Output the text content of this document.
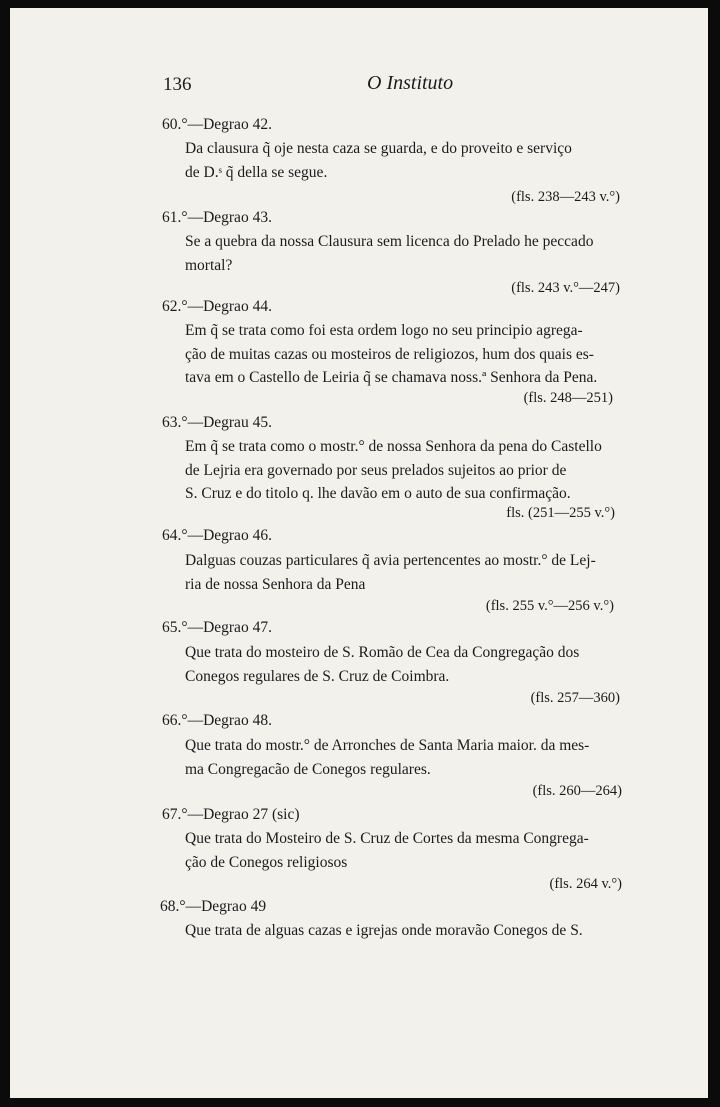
136	O Instituto
60.°—Degrao 42.
Da clausura q̃ oje nesta caza se guarda, e do proveito e serviço
de D.ˢ q̃ della se segue.
(fls. 238—243 v.°)
61.°—Degrao 43.
Se a quebra da nossa Clausura sem licenca do Prelado he peccado
mortal?
(fls. 243 v.°—247)
62.°—Degrao 44.
Em q̃ se trata como foi esta ordem logo no seu principio agrega-
ção de muitas cazas ou mosteiros de religiozos, hum dos quais es-
tava em o Castello de Leiria q̃ se chamava noss.ª Senhora da Pena.
(fls. 248—251)
63.°—Degrau 45.
Em q̃ se trata como o mostr.° de nossa Senhora da pena do Castello
de Lejria era governado por seus prelados sujeitos ao prior de
S. Cruz e do titolo q. lhe davão em o auto de sua confirmação.
fls. (251—255 v.°)
64.°—Degrao 46.
Dalguas couzas particulares q̃ avia pertencentes ao mostr.° de Lej-
ria de nossa Senhora da Pena
(fls. 255 v.°—256 v.°)
65.°—Degrao 47.
Que trata do mosteiro de S. Romão de Cea da Congregação dos
Conegos regulares de S. Cruz de Coimbra.
(fls. 257—360)
66.°—Degrao 48.
Que trata do mostr.° de Arronches de Santa Maria maior. da mes-
ma Congregacão de Conegos regulares.
(fls. 260—264)
67.°—Degrao 27 (sic)
Que trata do Mosteiro de S. Cruz de Cortes da mesma Congrega-
ção de Conegos religiosos
(fls. 264 v.°)
68.°—Degrao 49
Que trata de alguas cazas e igrejas onde moravão Conegos de S.
